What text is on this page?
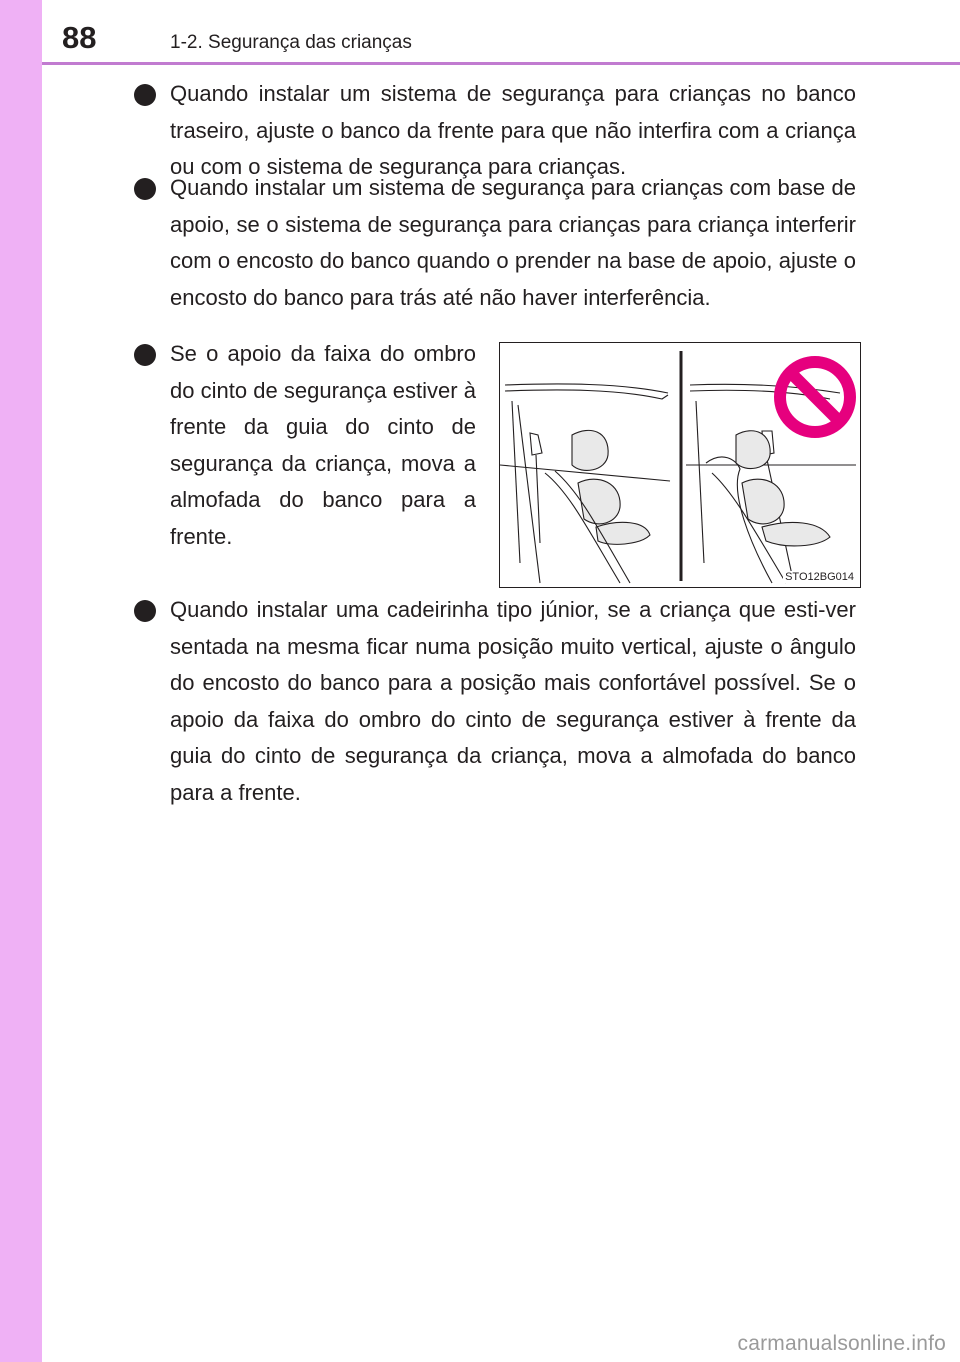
88	1-2. Segurança das crianças
Quando instalar um sistema de segurança para crianças no banco traseiro, ajuste o banco da frente para que não interfira com a criança ou com o sistema de segurança para crianças.
Quando instalar um sistema de segurança para crianças com base de apoio, se o sistema de segurança para crianças para criança interferir com o encosto do banco quando o prender na base de apoio, ajuste o encosto do banco para trás até não haver interferência.
Se o apoio da faixa do ombro do cinto de segurança estiver à frente da guia do cinto de segurança da criança, mova a almofada do banco para a frente.
STO12BG014
Quando instalar uma cadeirinha tipo júnior, se a criança que esti-ver sentada na mesma ficar numa posição muito vertical, ajuste o ângulo do encosto do banco para a posição mais confortável possível. Se o apoio da faixa do ombro do cinto de segurança estiver à frente da guia do cinto de segurança da criança, mova a almofada do banco para a frente.
carmanualsonline.info
